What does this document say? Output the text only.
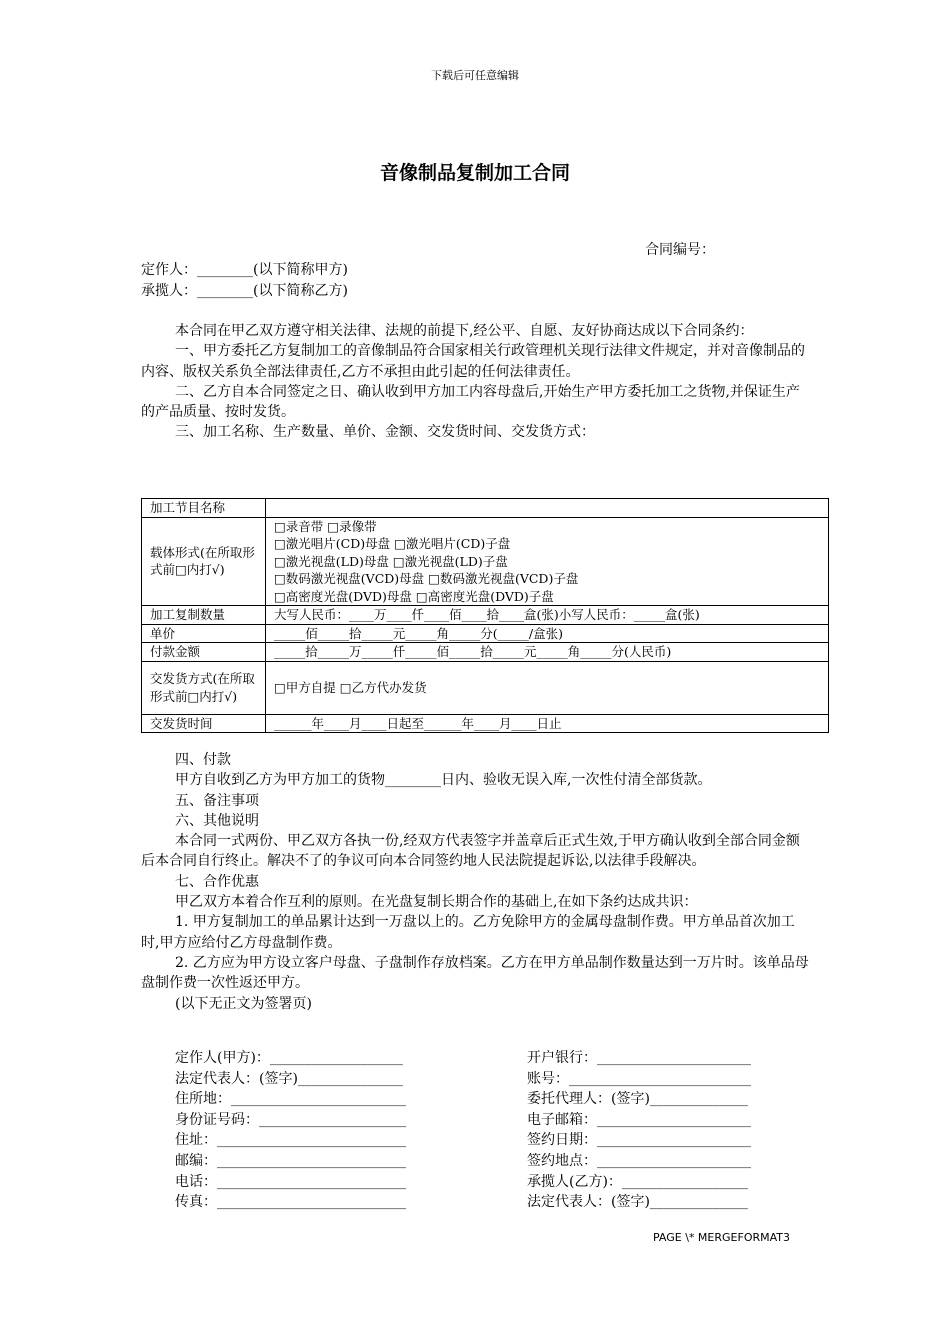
下载后可任意编辑
音像制品复制加工合同
合同编号：
定作人：________(以下简称甲方)
承揽人：________(以下简称乙方)
本合同在甲乙双方遵守相关法律、法规的前提下,经公平、自愿、友好协商达成以下合同条约：
一、甲方委托乙方复制加工的音像制品符合国家相关行政管理机关现行法律文件规定，并对音像制品的内容、版权关系负全部法律责任,乙方不承担由此引起的任何法律责任。
二、乙方自本合同签定之日、确认收到甲方加工内容母盘后,开始生产甲方委托加工之货物,并保证生产的产品质量、按时发货。
三、加工名称、生产数量、单价、金额、交发货时间、交发货方式：
加工节目名称	
载体形式(在所取形式前□内打√)	□录音带 □录像带
□激光唱片(CD)母盘 □激光唱片(CD)子盘
□激光视盘(LD)母盘 □激光视盘(LD)子盘
□数码激光视盘(VCD)母盘 □数码激光视盘(VCD)子盘
□高密度光盘(DVD)母盘 □高密度光盘(DVD)子盘

加工复制数量	大写人民币：____万____仟____佰____拾____盒(张)小写人民币：_____盒(张)
单价	_____佰_____拾_____元_____角_____分(_____/盒张)
付款金额	_____拾_____万_____仟_____佰_____拾_____元_____角_____分(人民币)
交发货方式(在所取形式前□内打√)	□甲方自提 □乙方代办发货
交发货时间	______年____月____日起至______年____月____日止
四、付款
甲方自收到乙方为甲方加工的货物________日内、验收无误入库,一次性付清全部货款。
五、备注事项
六、其他说明
本合同一式两份、甲乙双方各执一份,经双方代表签字并盖章后正式生效,于甲方确认收到全部合同金额后本合同自行终止。解决不了的争议可向本合同签约地人民法院提起诉讼,以法律手段解决。
七、合作优惠
甲乙双方本着合作互利的原则。在光盘复制长期合作的基础上,在如下条约达成共识：
1. 甲方复制加工的单品累计达到一万盘以上的。乙方免除甲方的金属母盘制作费。甲方单品首次加工时,甲方应给付乙方母盘制作费。
2. 乙方应为甲方设立客户母盘、子盘制作存放档案。乙方在甲方单品制作数量达到一万片时。该单品母盘制作费一次性返还甲方。
(以下无正文为签署页)
定作人(甲方)：___________________
法定代表人：(签字)_______________
住所地：_________________________
身份证号码：_____________________
住址：___________________________
邮编：___________________________
电话：___________________________
传真：___________________________
开户银行：______________________
账号：__________________________
委托代理人：(签字)______________
电子邮箱：______________________
签约日期：______________________
签约地点：______________________
承揽人(乙方)：__________________
法定代表人：(签字)______________
PAGE \* MERGEFORMAT3
